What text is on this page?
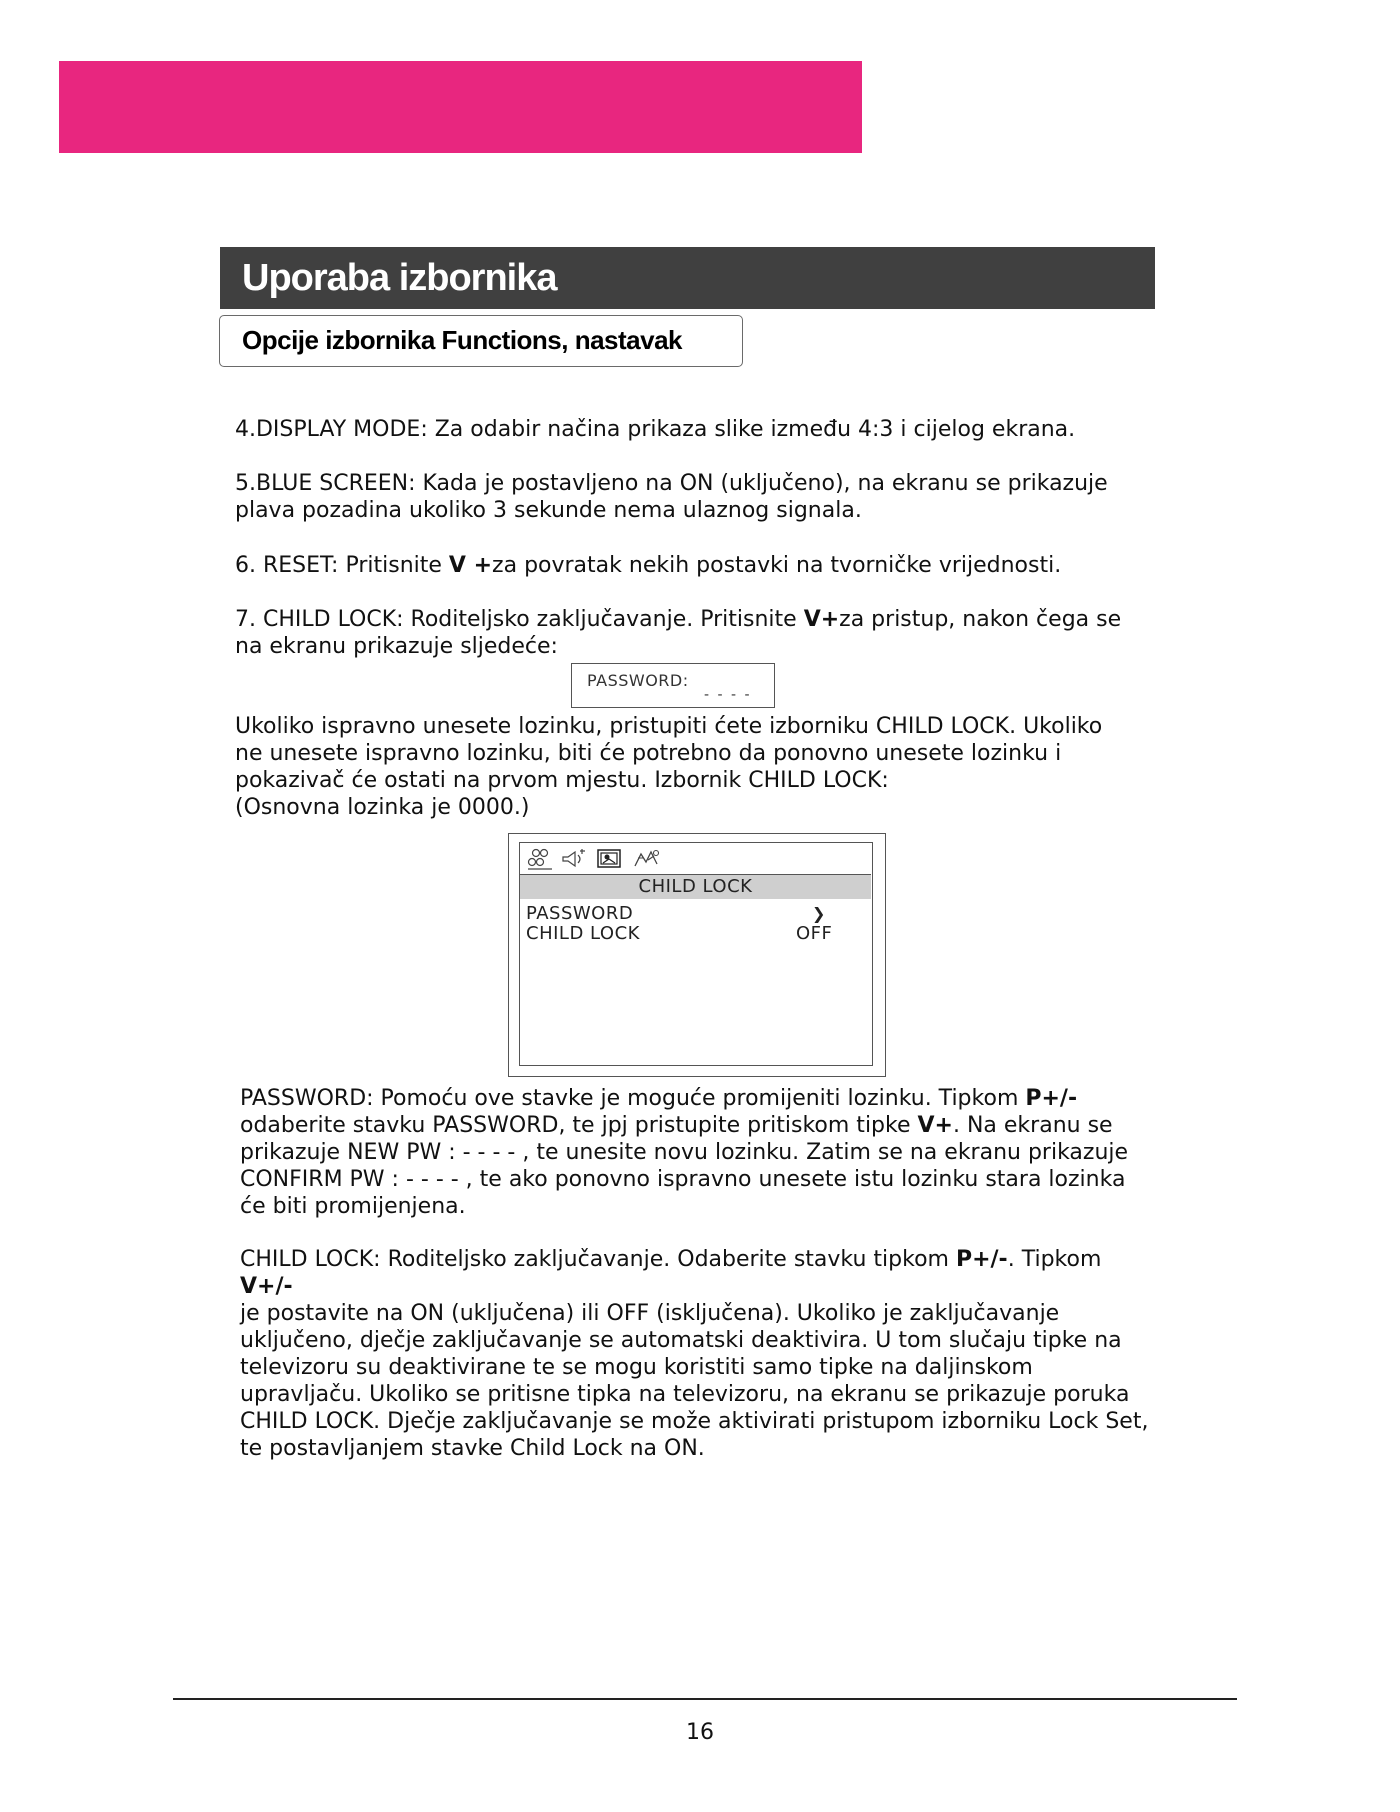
Uporaba izbornika
Opcije izbornika Functions, nastavak

4.DISPLAY MODE: Za odabir načina prikaza slike između 4:3 i cijelog ekrana.

5.BLUE SCREEN: Kada je postavljeno na ON (uključeno), na ekranu se prikazuje
plava pozadina ukoliko 3 sekunde nema ulaznog signala.
6. RESET: Pritisnite V +za povratak nekih postavki na tvorničke vrijednosti.
7. CHILD LOCK: Roditeljsko zaključavanje. Pritisnite V+za pristup, nakon čega se
na ekranu prikazuje sljedeće:
PASSWORD:
- - - -
Ukoliko ispravno unesete lozinku, pristupiti ćete izborniku CHILD LOCK. Ukoliko
ne unesete ispravno lozinku, biti će potrebno da ponovno unesete lozinku i
pokazivač će ostati na prvom mjestu. Izbornik CHILD LOCK:
(Osnovna lozinka je 0000.)
CHILD LOCK
PASSWORD	❯
CHILD LOCK	OFF
PASSWORD: Pomoću ove stavke je moguće promijeniti lozinku. Tipkom P+/-
odaberite stavku PASSWORD, te jpj pristupite pritiskom tipke V+. Na ekranu se
prikazuje NEW PW : - - - - , te unesite novu lozinku. Zatim se na ekranu prikazuje
CONFIRM PW : - - - - , te ako ponovno ispravno unesete istu lozinku stara lozinka
će biti promijenjena.
CHILD LOCK: Roditeljsko zaključavanje. Odaberite stavku tipkom P+/-. Tipkom V+/-
je postavite na ON (uključena) ili OFF (isključena). Ukoliko je zaključavanje
uključeno, dječje zaključavanje se automatski deaktivira. U tom slučaju tipke na
televizoru su deaktivirane te se mogu koristiti samo tipke na daljinskom
upravljaču. Ukoliko se pritisne tipka na televizoru, na ekranu se prikazuje poruka
CHILD LOCK. Dječje zaključavanje se može aktivirati pristupom izborniku Lock Set,
te postavljanjem stavke Child Lock na ON.
16
